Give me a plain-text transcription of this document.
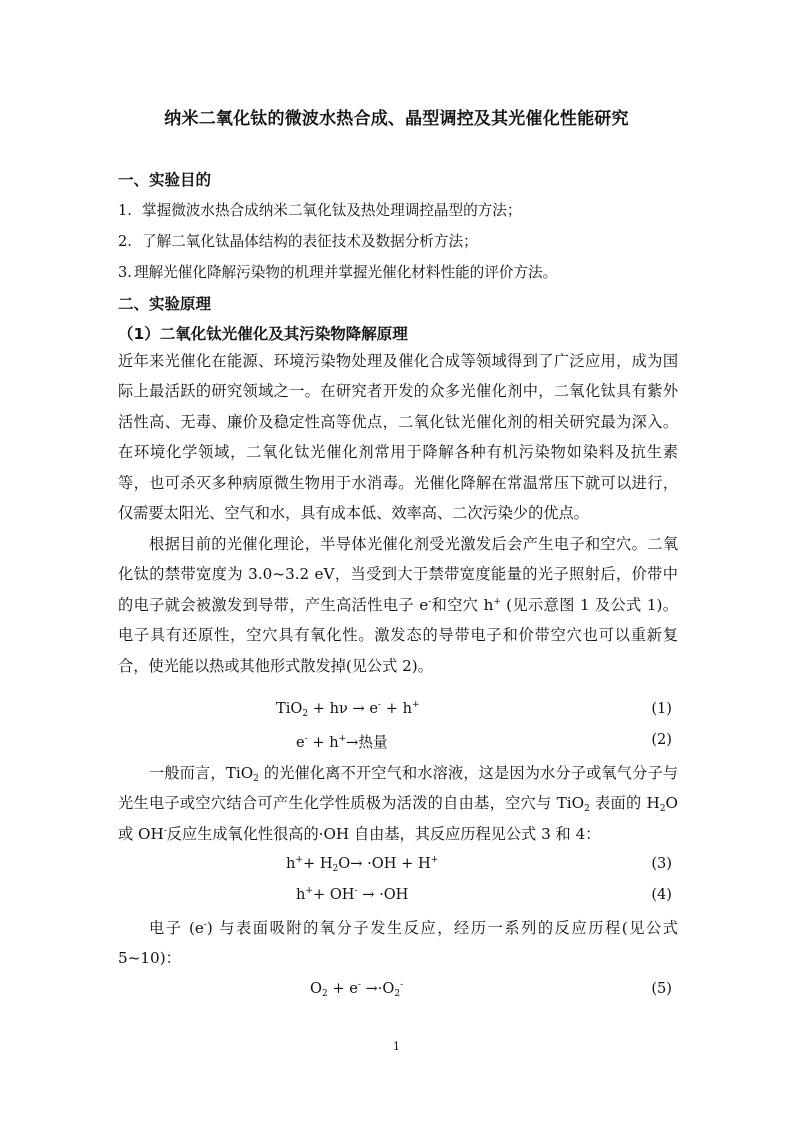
纳米二氧化钛的微波水热合成、晶型调控及其光催化性能研究
一、实验目的
1. 掌握微波水热合成纳米二氧化钛及热处理调控晶型的方法；
2. 了解二氧化钛晶体结构的表征技术及数据分析方法；
3. 理解光催化降解污染物的机理并掌握光催化材料性能的评价方法。
二、实验原理
（1）二氧化钛光催化及其污染物降解原理
近年来光催化在能源、环境污染物处理及催化合成等领域得到了广泛应用，成为国际上最活跃的研究领域之一。在研究者开发的众多光催化剂中，二氧化钛具有紫外活性高、无毒、廉价及稳定性高等优点，二氧化钛光催化剂的相关研究最为深入。在环境化学领域，二氧化钛光催化剂常用于降解各种有机污染物如染料及抗生素等，也可杀灭多种病原微生物用于水消毒。光催化降解在常温常压下就可以进行，仅需要太阳光、空气和水，具有成本低、效率高、二次污染少的优点。
根据目前的光催化理论，半导体光催化剂受光激发后会产生电子和空穴。二氧化钛的禁带宽度为 3.0~3.2 eV，当受到大于禁带宽度能量的光子照射后，价带中的电子就会被激发到导带，产生高活性电子 e-和空穴 h+ (见示意图 1 及公式 1)。电子具有还原性，空穴具有氧化性。激发态的导带电子和价带空穴也可以重新复合，使光能以热或其他形式散发掉(见公式 2)。
TiO$_2$ + hν → e- + h+	(1)
e- + h+→热量	(2)
一般而言，TiO$_2$ 的光催化离不开空气和水溶液，这是因为水分子或氧气分子与光生电子或空穴结合可产生化学性质极为活泼的自由基，空穴与 TiO$_2$ 表面的 $H_2O$ 或 OH-反应生成氧化性很高的·OH 自由基，其反应历程见公式 3 和 4：
$h^++ H_2O\to \cdot OH + H^+$	(3)
h++ OH- → ·OH	(4)
电子 (e-) 与表面吸附的氧分子发生反应，经历一系列的反应历程(见公式 5~10)：
$O_2 + e^- \to\cdot O_2^-$	(5)
1
